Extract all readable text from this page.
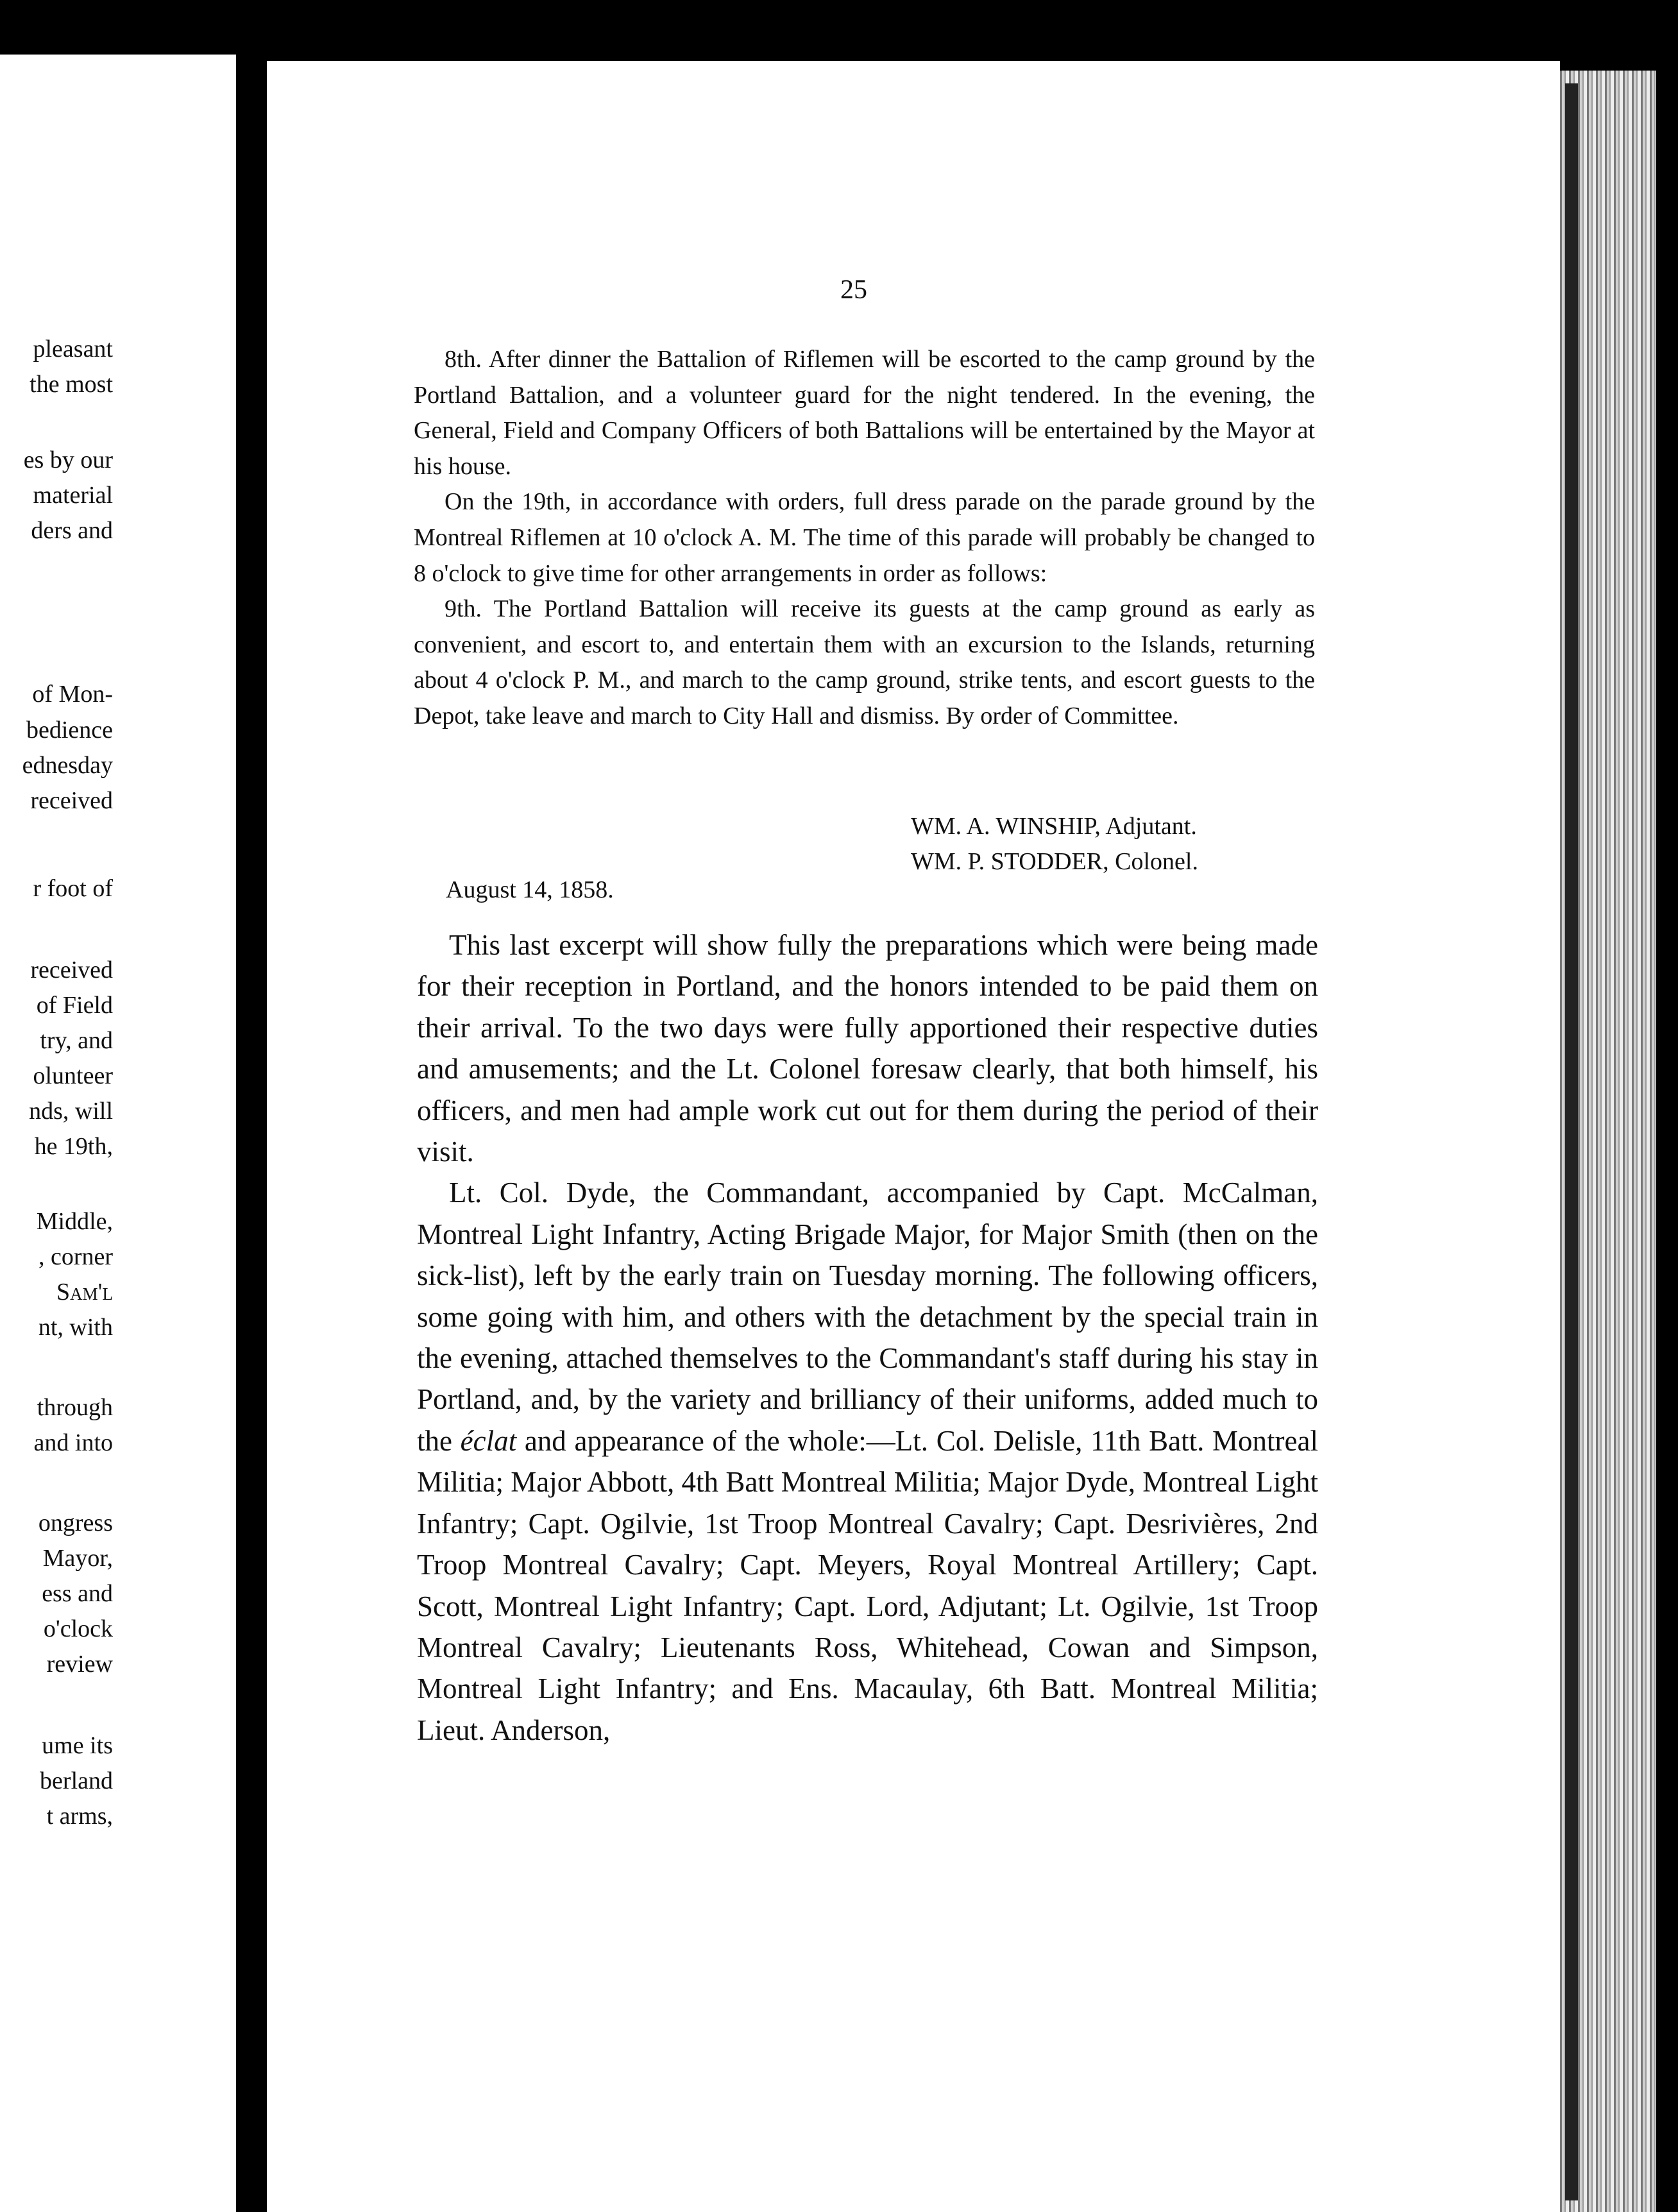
pleasant
the most
es by our
material
ders and
of Mon-
bedience
ednesday
received
r foot of
received
of Field
try, and
olunteer
nds, will
he 19th,
Middle,
, corner
Sam'l
nt, with
through
and into
ongress
Mayor,
ess and
o'clock
review
ume its
berland
t arms,
25

8th. After dinner the Battalion of Riflemen will be escorted to the camp ground by the Portland Battalion, and a volunteer guard for the night tendered. In the evening, the General, Field and Company Officers of both Battalions will be entertained by the Mayor at his house.

On the 19th, in accordance with orders, full dress parade on the parade ground by the Montreal Riflemen at 10 o'clock A. M. The time of this parade will probably be changed to 8 o'clock to give time for other arrangements in order as follows:

9th. The Portland Battalion will receive its guests at the camp ground as early as convenient, and escort to, and entertain them with an excursion to the Islands, returning about 4 o'clock P. M., and march to the camp ground, strike tents, and escort guests to the Depot, take leave and march to City Hall and dismiss. By order of Committee.

WM. A. WINSHIP, Adjutant.
WM. P. STODDER, Colonel.
August 14, 1858.

This last excerpt will show fully the preparations which were being made for their reception in Portland, and the honors intended to be paid them on their arrival. To the two days were fully apportioned their respective duties and amusements; and the Lt. Colonel foresaw clearly, that both himself, his officers, and men had ample work cut out for them during the period of their visit.

Lt. Col. Dyde, the Commandant, accompanied by Capt. McCalman, Montreal Light Infantry, Acting Brigade Major, for Major Smith (then on the sick-list), left by the early train on Tuesday morning. The following officers, some going with him, and others with the detachment by the special train in the evening, attached themselves to the Commandant's staff during his stay in Portland, and, by the variety and brilliancy of their uniforms, added much to the éclat and appearance of the whole:—Lt. Col. Delisle, 11th Batt. Montreal Militia; Major Abbott, 4th Batt Montreal Militia; Major Dyde, Montreal Light Infantry; Capt. Ogilvie, 1st Troop Montreal Cavalry; Capt. Desrivières, 2nd Troop Montreal Cavalry; Capt. Meyers, Royal Montreal Artillery; Capt. Scott, Montreal Light Infantry; Capt. Lord, Adjutant; Lt. Ogilvie, 1st Troop Montreal Cavalry; Lieutenants Ross, Whitehead, Cowan and Simpson, Montreal Light Infantry; and Ens. Macaulay, 6th Batt. Montreal Militia; Lieut. Anderson,
